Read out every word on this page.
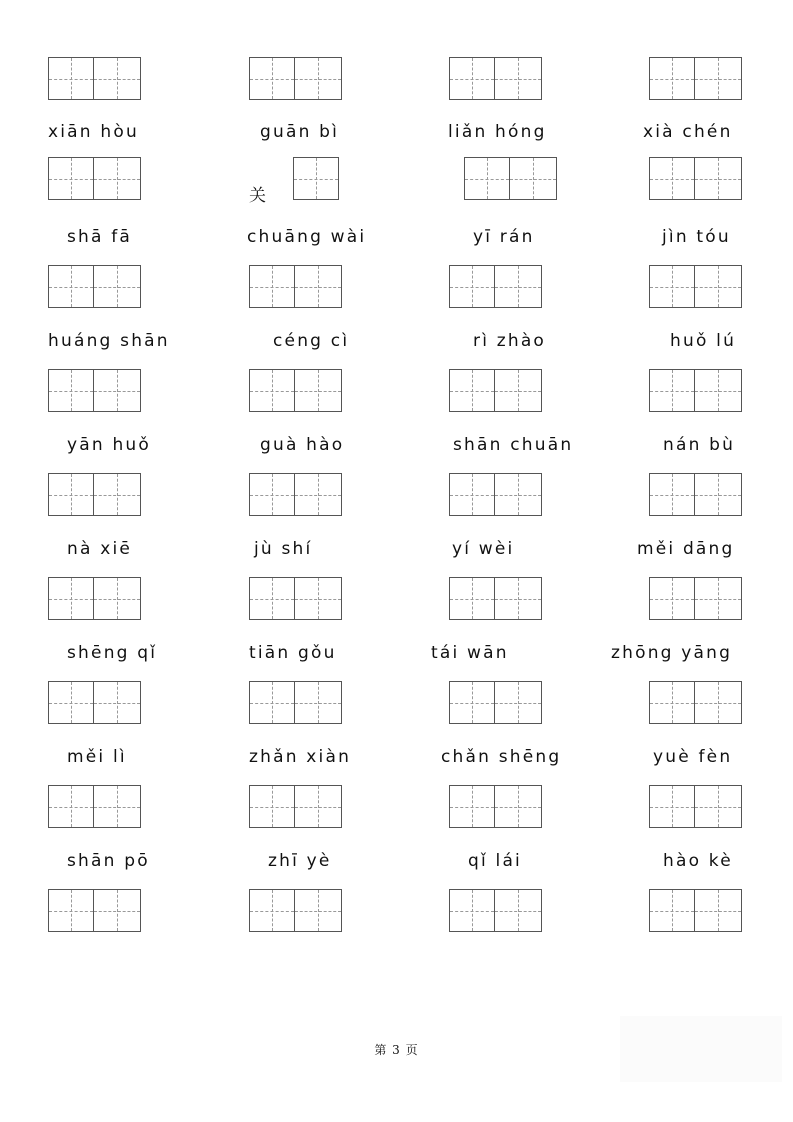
xiān hòu	guān bì	liǎn hóng	xià chén
关
shā fā	chuāng wài	yī rán	jìn tóu
huáng shān	céng cì	rì zhào	huǒ lú
yān huǒ	guà hào	shān chuān	nán bù
nà xiē	jù shí	yí wèi	měi dāng
shēng qǐ	tiān gǒu	tái wān	zhōng yāng
měi lì	zhǎn xiàn	chǎn shēng	yuè fèn
shān pō	zhī yè	qǐ lái	hào kè
第 3 页
